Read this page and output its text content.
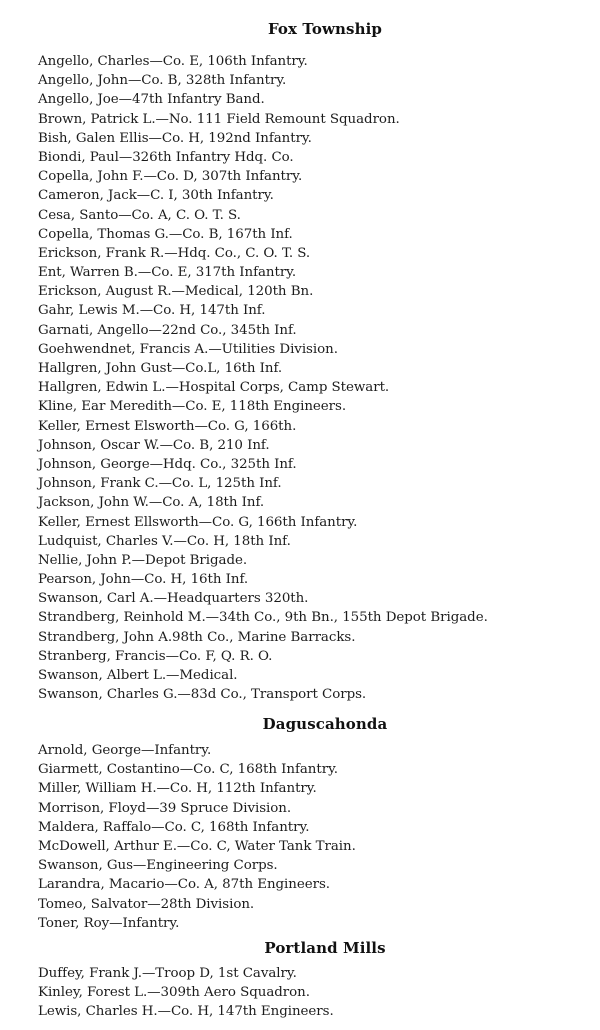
Fox Township
Angello, Charles—Co. E, 106th Infantry.
Angello, John—Co. B, 328th Infantry.
Angello, Joe—47th Infantry Band.
Brown, Patrick L.—No. 111 Field Remount Squadron.
Bish, Galen Ellis—Co. H, 192nd Infantry.
Biondi, Paul—326th Infantry Hdq. Co.
Copella, John F.—Co. D, 307th Infantry.
Cameron, Jack—C. I, 30th Infantry.
Cesa, Santo—Co. A, C. O. T. S.
Copella, Thomas G.—Co. B, 167th Inf.
Erickson, Frank R.—Hdq. Co., C. O. T. S.
Ent, Warren B.—Co. E, 317th Infantry.
Erickson, August R.—Medical, 120th Bn.
Gahr, Lewis M.—Co. H, 147th Inf.
Garnati, Angello—22nd Co., 345th Inf.
Goehwendnet, Francis A.—Utilities Division.
Hallgren, John Gust—Co.L, 16th Inf.
Hallgren, Edwin L.—Hospital Corps, Camp Stewart.
Kline, Ear Meredith—Co. E, 118th Engineers.
Keller, Ernest Elsworth—Co. G, 166th.
Johnson, Oscar W.—Co. B, 210 Inf.
Johnson, George—Hdq. Co., 325th Inf.
Johnson, Frank C.—Co. L, 125th Inf.
Jackson, John W.—Co. A, 18th Inf.
Keller, Ernest Ellsworth—Co. G, 166th Infantry.
Ludquist, Charles V.—Co. H, 18th Inf.
Nellie, John P.—Depot Brigade.
Pearson, John—Co. H, 16th Inf.
Swanson, Carl A.—Headquarters 320th.
Strandberg, Reinhold M.—34th Co., 9th Bn., 155th Depot Brigade.
Strandberg, John A.98th Co., Marine Barracks.
Stranberg, Francis—Co. F, Q. R. O.
Swanson, Albert L.—Medical.
Swanson, Charles G.—83d Co., Transport Corps.
Daguscahonda
Arnold, George—Infantry.
Giarmett, Costantino—Co. C, 168th Infantry.
Miller, William H.—Co. H, 112th Infantry.
Morrison, Floyd—39 Spruce Division.
Maldera, Raffalo—Co. C, 168th Infantry.
McDowell, Arthur E.—Co. C, Water Tank Train.
Swanson, Gus—Engineering Corps.
Larandra, Macario—Co. A, 87th Engineers.
Tomeo, Salvator—28th Division.
Toner, Roy—Infantry.
Portland Mills
Duffey, Frank J.—Troop D, 1st Cavalry.
Kinley, Forest L.—309th Aero Squadron.
Lewis, Charles H.—Co. H, 147th Engineers.
